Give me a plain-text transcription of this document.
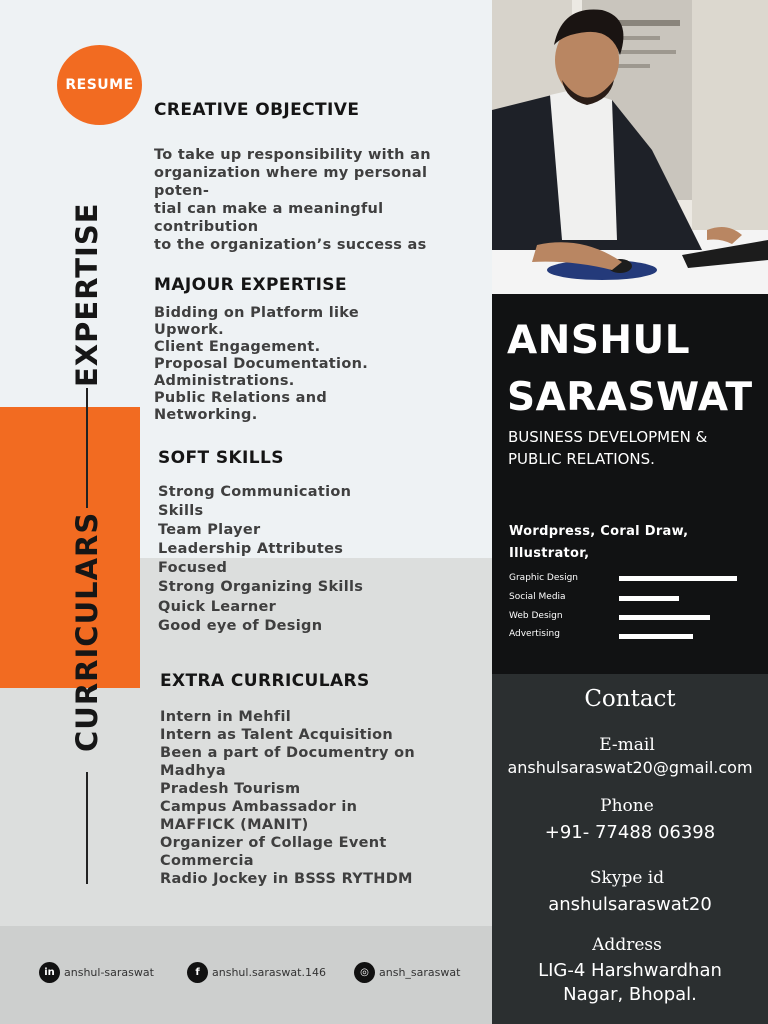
RESUME
EXPERTISE
CURRICULARS
CREATIVE OBJECTIVE
To take up responsibility with an
organization where my personal
poten-
tial can make a meaningful
contribution
to the organization’s success as
MAJOUR EXPERTISE
Bidding on Platform like
Upwork.
Client Engagement.
Proposal Documentation.
Administrations.
Public Relations and
Networking.
SOFT SKILLS
Strong Communication
Skills
Team Player
Leadership Attributes
Focused
Strong Organizing Skills
Quick Learner
Good eye of Design
EXTRA CURRICULARS
Intern in Mehfil
Intern as Talent Acquisition
Been a part of Documentry on
Madhya
Pradesh Tourism
Campus Ambassador in
MAFFICK (MANIT)
Organizer of Collage Event
Commercia
Radio Jockey in BSSS RYTHDM
in anshul-saraswat	f	anshul.saraswat.146	◎ ansh_saraswat
ANSHUL
SARASWAT
BUSINESS DEVELOPMEN &
PUBLIC RELATIONS.
Wordpress, Coral Draw,
Illustrator,
Graphic Design
Social Media
Web Design
Advertising
Contact
E-mail
anshulsaraswat20@gmail.com
Phone
+91- 77488 06398
Skype id
anshulsaraswat20
Address
LIG-4 Harshwardhan
Nagar, Bhopal.
